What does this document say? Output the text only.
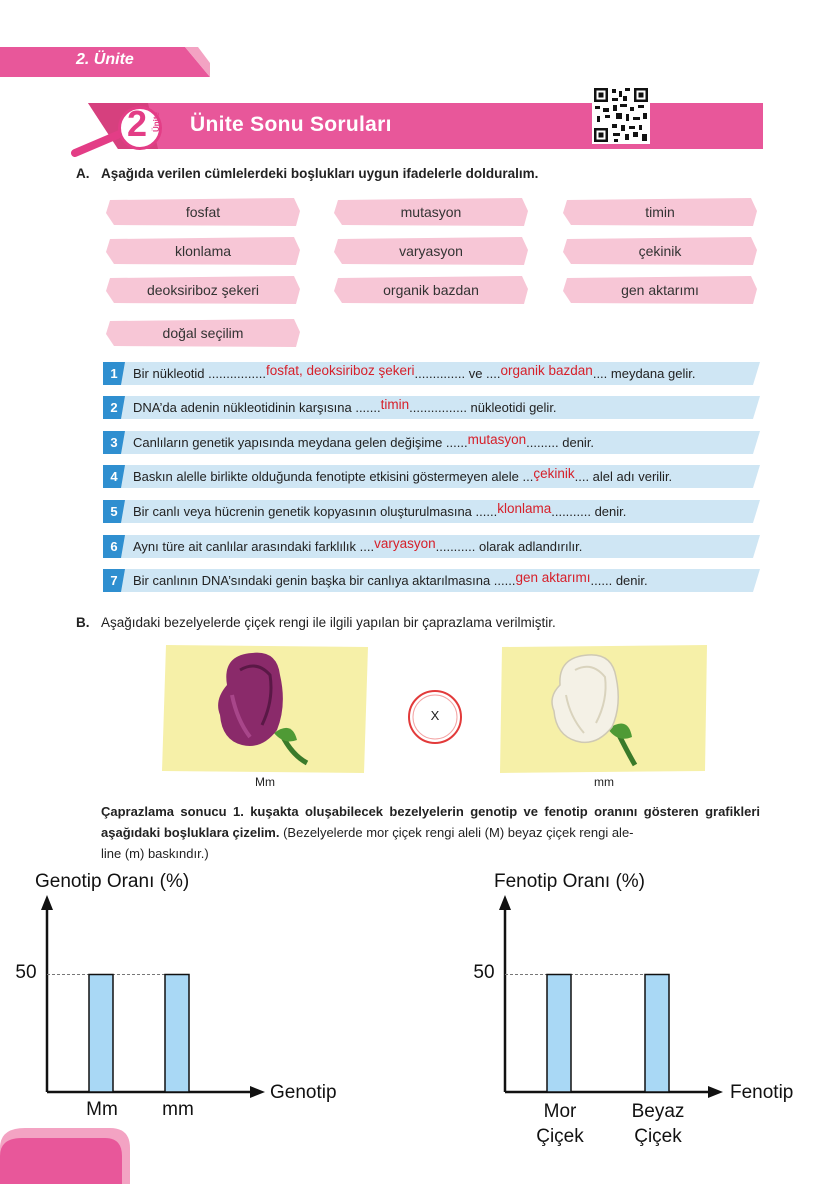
2. Ünite
2 Ünite Ünite Sonu Soruları
A. Aşağıda verilen cümlelerdeki boşlukları uygun ifadelerle dolduralım.
fosfat	mutasyon	timin
klonlama	varyasyon	çekinik
deoksiriboz şekeri	organik bazdan	gen aktarımı
doğal seçilim
1	Bir nükleotid ................fosfat, deoksiriboz şekeri.............. ve ....organik bazdan.... meydana gelir.
2	DNA’da adenin nükleotidinin karşısına .......timin................ nükleotidi gelir.
3	Canlıların genetik yapısında meydana gelen değişime ......mutasyon......... denir.
4	Baskın alelle birlikte olduğunda fenotipte etkisini göstermeyen alele ...çekinik.... alel adı verilir.
5	Bir canlı veya hücrenin genetik kopyasının oluşturulmasına ......klonlama........... denir.
6	Aynı türe ait canlılar arasındaki farklılık ....varyasyon........... olarak adlandırılır.
7	Bir canlının DNA’sındaki genin başka bir canlıya aktarılmasına ......gen aktarımı...... denir.
B. Aşağıdaki bezelyelerde çiçek rengi ile ilgili yapılan bir çaprazlama verilmiştir.
Mm
X
mm
Çaprazlama sonucu 1. kuşakta oluşabilecek bezelyelerin genotip ve fenotip oranını gösteren grafikleri aşağıdaki boşluklara çizelim. (Bezelyelerde mor çiçek rengi aleli (M) beyaz çiçek rengi ale-
line (m) baskındır.)
Genotip Oranı (%)
50
Genotip
Mm	mm
Fenotip Oranı (%)
50
Fenotip
Mor
Çiçek
Beyaz
Çiçek
